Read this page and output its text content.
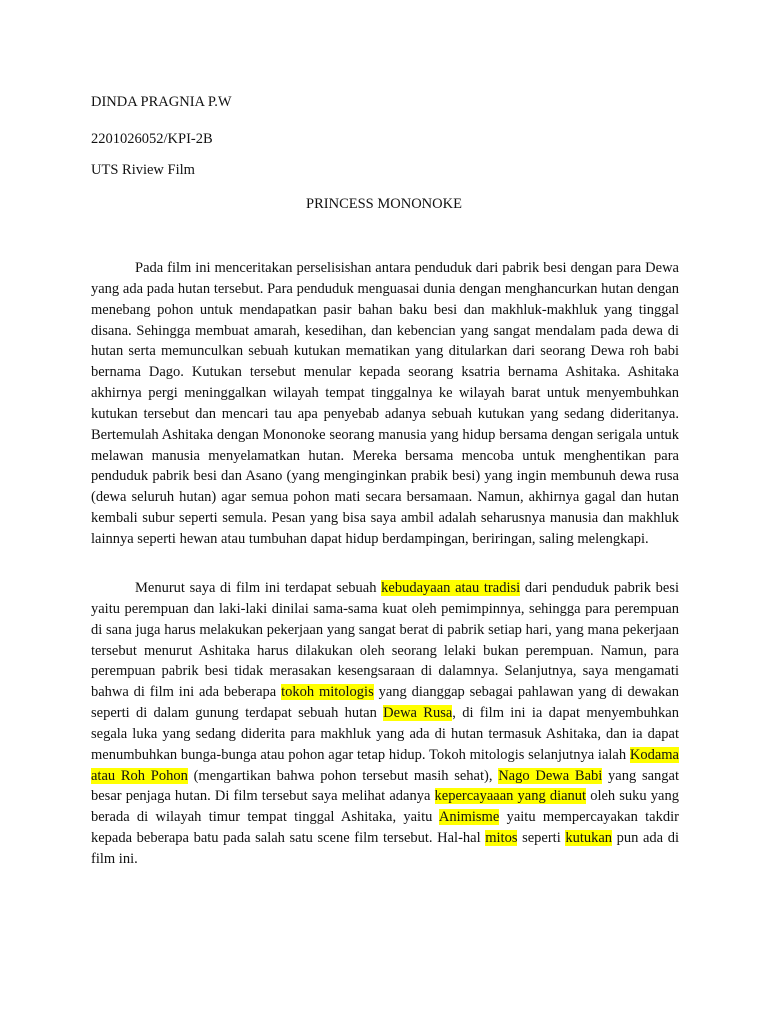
DINDA PRAGNIA P.W
2201026052/KPI-2B
UTS Riview Film
PRINCESS MONONOKE

Pada film ini menceritakan perselisishan antara penduduk dari pabrik besi dengan para Dewa yang ada pada hutan tersebut. Para penduduk menguasai dunia dengan menghancurkan hutan dengan menebang pohon untuk mendapatkan pasir bahan baku besi dan makhluk-makhluk yang tinggal disana. Sehingga membuat amarah, kesedihan, dan kebencian yang sangat mendalam pada dewa di hutan serta memunculkan sebuah kutukan mematikan yang ditularkan dari seorang Dewa roh babi bernama Dago. Kutukan tersebut menular kepada seorang ksatria bernama Ashitaka. Ashitaka akhirnya pergi meninggalkan wilayah tempat tinggalnya ke wilayah barat untuk menyembuhkan kutukan tersebut dan mencari tau apa penyebab adanya sebuah kutukan yang sedang dideritanya. Bertemulah Ashitaka dengan Mononoke seorang manusia yang hidup bersama dengan serigala untuk melawan manusia menyelamatkan hutan. Mereka bersama mencoba untuk menghentikan para penduduk pabrik besi dan Asano (yang menginginkan prabik besi) yang ingin membunuh dewa rusa (dewa seluruh hutan) agar semua pohon mati secara bersamaan. Namun, akhirnya gagal dan hutan kembali subur seperti semula. Pesan yang bisa saya ambil adalah seharusnya manusia dan makhluk lainnya seperti hewan atau tumbuhan dapat hidup berdampingan, beriringan, saling melengkapi.

Menurut saya di film ini terdapat sebuah kebudayaan atau tradisi dari penduduk pabrik besi yaitu perempuan dan laki-laki dinilai sama-sama kuat oleh pemimpinnya, sehingga para perempuan di sana juga harus melakukan pekerjaan yang sangat berat di pabrik setiap hari, yang mana pekerjaan tersebut menurut Ashitaka harus dilakukan oleh seorang lelaki bukan perempuan. Namun, para perempuan pabrik besi tidak merasakan kesengsaraan di dalamnya. Selanjutnya, saya mengamati bahwa di film ini ada beberapa tokoh mitologis yang dianggap sebagai pahlawan yang di dewakan seperti di dalam gunung terdapat sebuah hutan Dewa Rusa, di film ini ia dapat menyembuhkan segala luka yang sedang diderita para makhluk yang ada di hutan termasuk Ashitaka, dan ia dapat menumbuhkan bunga-bunga atau pohon agar tetap hidup. Tokoh mitologis selanjutnya ialah Kodama atau Roh Pohon (mengartikan bahwa pohon tersebut masih sehat), Nago Dewa Babi yang sangat besar penjaga hutan. Di film tersebut saya melihat adanya kepercayaaan yang dianut oleh suku yang berada di wilayah timur tempat tinggal Ashitaka, yaitu Animisme yaitu mempercayakan takdir kepada beberapa batu pada salah satu scene film tersebut. Hal-hal mitos seperti kutukan pun ada di film ini.
